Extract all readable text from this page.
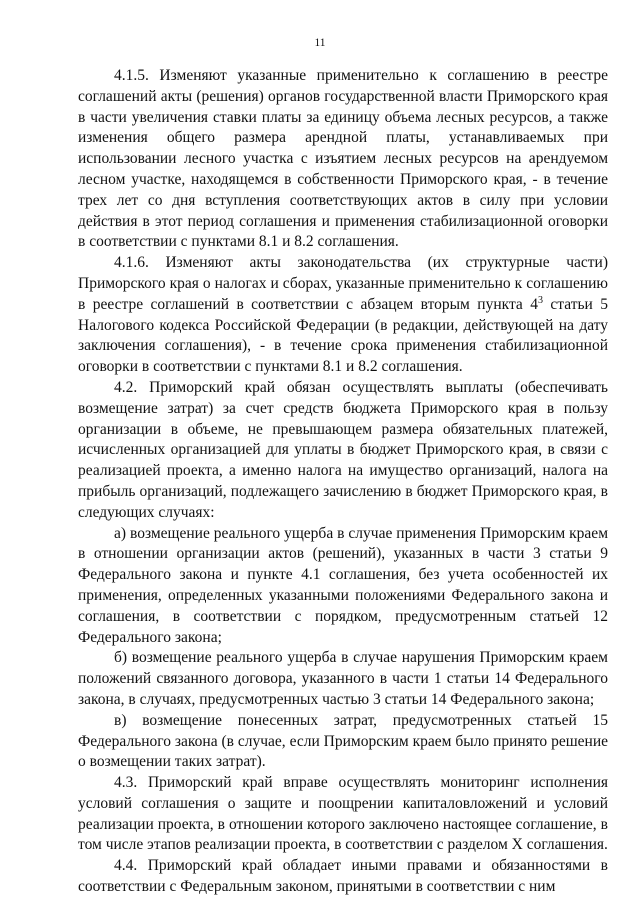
11

4.1.5. Изменяют указанные применительно к соглашению в реестре соглашений акты (решения) органов государственной власти Приморского края в части увеличения ставки платы за единицу объема лесных ресурсов, а также изменения общего размера арендной платы, устанавливаемых при использовании лесного участка с изъятием лесных ресурсов на арендуемом лесном участке, находящемся в собственности Приморского края, - в течение трех лет со дня вступления соответствующих актов в силу при условии действия в этот период соглашения и применения стабилизационной оговорки в соответствии с пунктами 8.1 и 8.2 соглашения.

4.1.6. Изменяют акты законодательства (их структурные части) Приморского края о налогах и сборах, указанные применительно к соглашению в реестре соглашений в соответствии с абзацем вторым пункта $4^3$ статьи 5 Налогового кодекса Российской Федерации (в редакции, действующей на дату заключения соглашения), - в течение срока применения стабилизационной оговорки в соответствии с пунктами 8.1 и 8.2 соглашения.

4.2. Приморский край обязан осуществлять выплаты (обеспечивать возмещение затрат) за счет средств бюджета Приморского края в пользу организации в объеме, не превышающем размера обязательных платежей, исчисленных организацией для уплаты в бюджет Приморского края, в связи с реализацией проекта, а именно налога на имущество организаций, налога на прибыль организаций, подлежащего зачислению в бюджет Приморского края, в следующих случаях:

а) возмещение реального ущерба в случае применения Приморским краем в отношении организации актов (решений), указанных в части 3 статьи 9 Федерального закона и пункте 4.1 соглашения, без учета особенностей их применения, определенных указанными положениями Федерального закона и соглашения, в соответствии с порядком, предусмотренным статьей 12 Федерального закона;

б) возмещение реального ущерба в случае нарушения Приморским краем положений связанного договора, указанного в части 1 статьи 14 Федерального закона, в случаях, предусмотренных частью 3 статьи 14 Федерального закона;

в) возмещение понесенных затрат, предусмотренных статьей 15 Федерального закона (в случае, если Приморским краем было принято решение о возмещении таких затрат).

4.3. Приморский край вправе осуществлять мониторинг исполнения условий соглашения о защите и поощрении капиталовложений и условий реализации проекта, в отношении которого заключено настоящее соглашение, в том числе этапов реализации проекта, в соответствии с разделом X соглашения.

4.4. Приморский край обладает иными правами и обязанностями в соответствии с Федеральным законом, принятыми в соответствии с ним
